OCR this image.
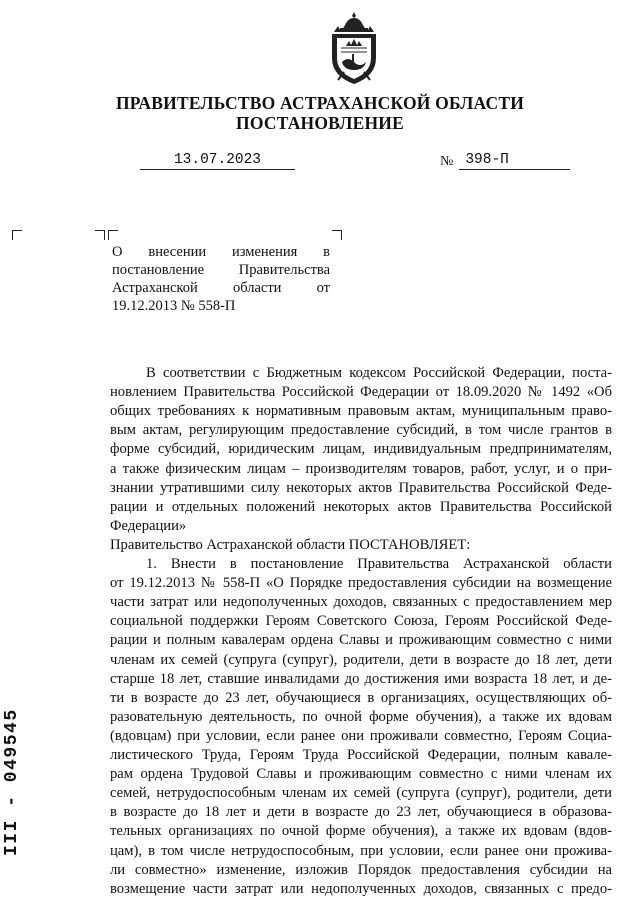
ПРАВИТЕЛЬСТВО АСТРАХАНСКОЙ ОБЛАСТИ
ПОСТАНОВЛЕНИЕ
13.07.2023	№ 398-П
О внесении изменения в постановление Правительства Астраханской области от 19.12.2013 № 558-П
В соответствии с Бюджетным кодексом Российской Федерации, поста-
новлением Правительства Российской Федерации от 18.09.2020 № 1492 «Об
общих требованиях к нормативным правовым актам, муниципальным право-
вым актам, регулирующим предоставление субсидий, в том числе грантов в
форме субсидий, юридическим лицам, индивидуальным предпринимателям,
а также физическим лицам – производителям товаров, работ, услуг, и о при-
знании утратившими силу некоторых актов Правительства Российской Феде-
рации и отдельных положений некоторых актов Правительства Российской
Федерации»
Правительство Астраханской области ПОСТАНОВЛЯЕТ:
1. Внести в постановление Правительства Астраханской области
от 19.12.2013 № 558-П «О Порядке предоставления субсидии на возмещение
части затрат или недополученных доходов, связанных с предоставлением мер
социальной поддержки Героям Советского Союза, Героям Российской Феде-
рации и полным кавалерам ордена Славы и проживающим совместно с ними
членам их семей (супруга (супруг), родители, дети в возрасте до 18 лет, дети
старше 18 лет, ставшие инвалидами до достижения ими возраста 18 лет, и де-
ти в возрасте до 23 лет, обучающиеся в организациях, осуществляющих об-
разовательную деятельность, по очной форме обучения), а также их вдовам
(вдовцам) при условии, если ранее они проживали совместно, Героям Социа-
листического Труда, Героям Труда Российской Федерации, полным кавале-
рам ордена Трудовой Славы и проживающим совместно с ними членам их
семей, нетрудоспособным членам их семей (супруга (супруг), родители, дети
в возрасте до 18 лет и дети в возрасте до 23 лет, обучающиеся в образова-
тельных организациях по очной форме обучения), а также их вдовам (вдов-
цам), в том числе нетрудоспособным, при условии, если ранее они прожива-
ли совместно» изменение, изложив Порядок предоставления субсидии на
возмещение части затрат или недополученных доходов, связанных с предо-
ІІІ - 049545
